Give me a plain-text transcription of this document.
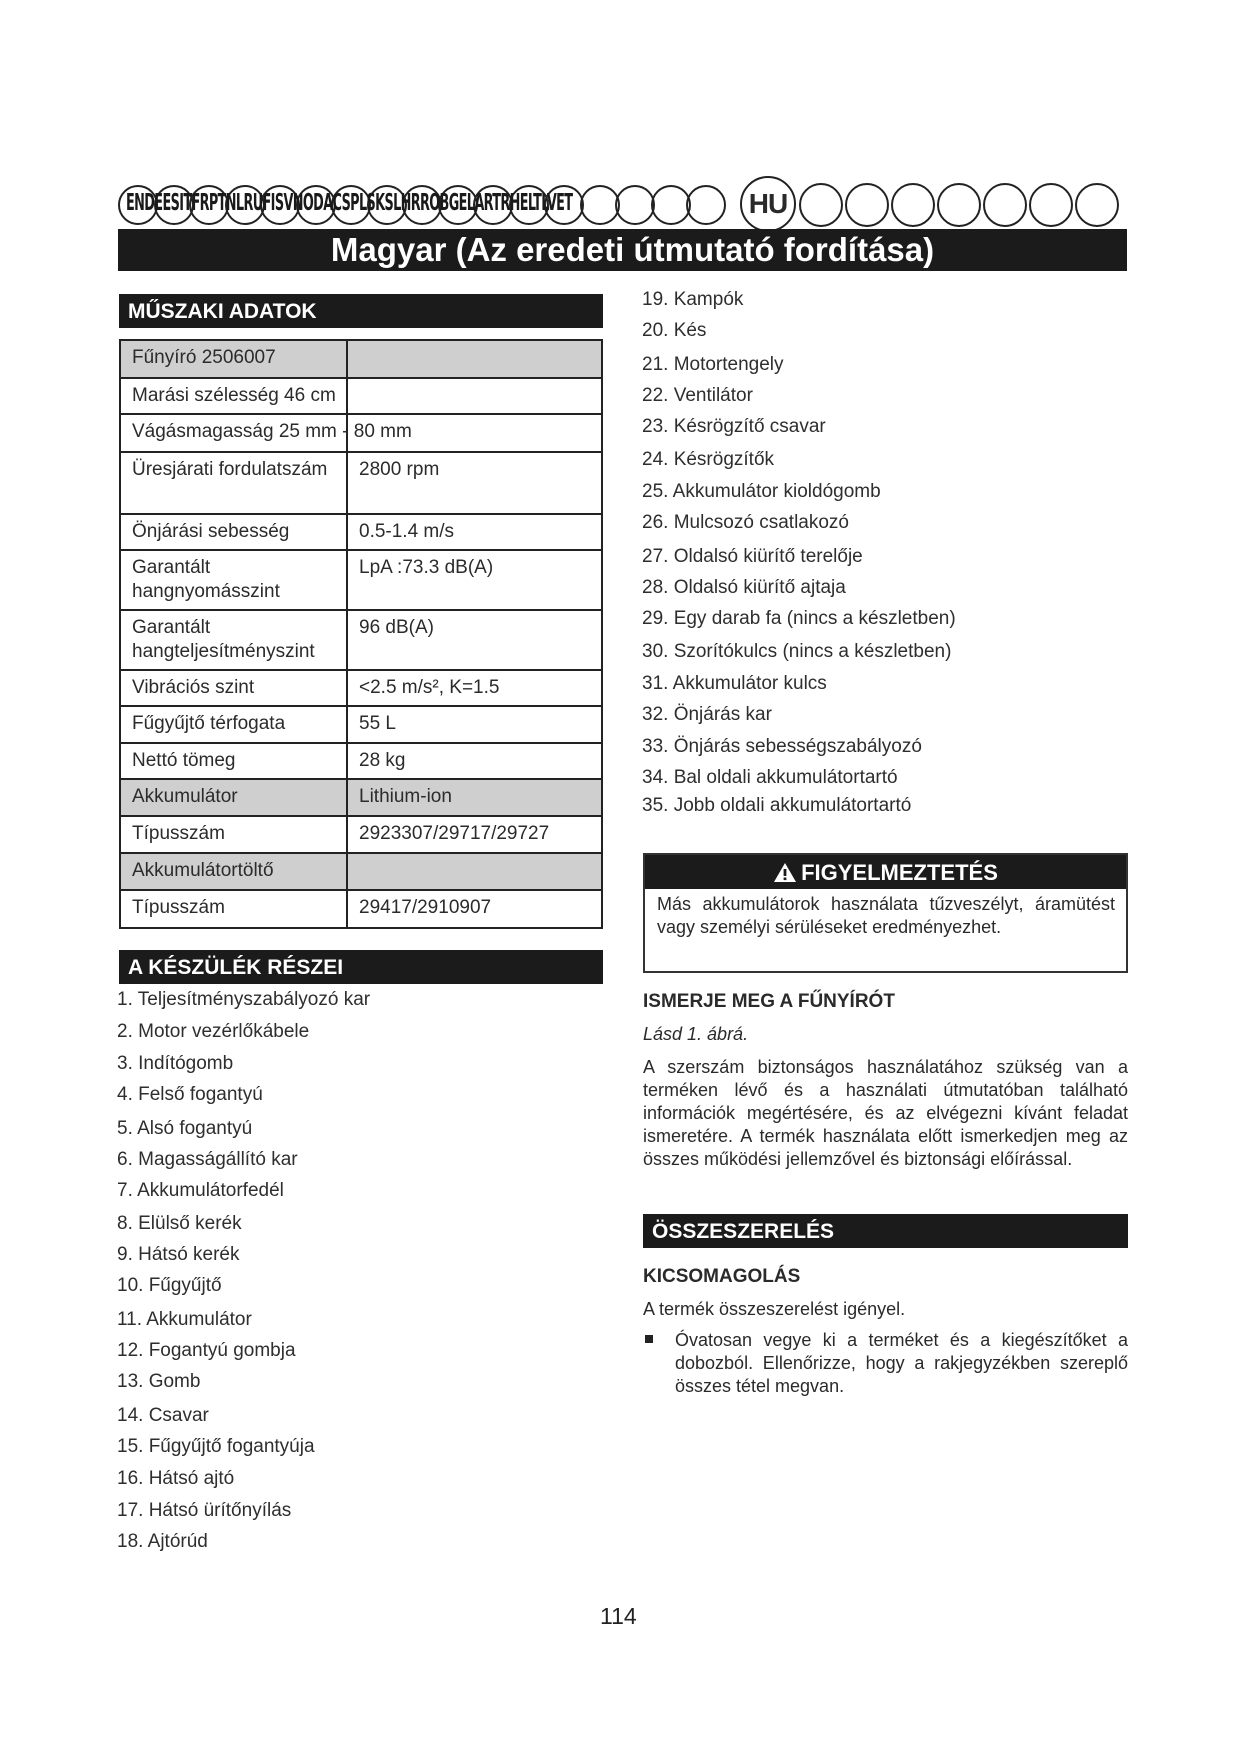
ENDEESITFRPTNLRUFISVNODACSPLSKSLHRROBGELARTRHELTLVET	HU
Magyar (Az eredeti útmutató fordítása)
MŰSZAKI ADATOK
Fűnyíró 2506007	
Marási szélesség 46 cm	
Vágásmagasság 25 mm - 80 mm	
Üresjárati fordulatszám	2800 rpm
Önjárási sebesség	0.5-1.4 m/s
Garantált hangnyomásszint	LpA :73.3 dB(A)
Garantált hangteljesítményszint	96 dB(A)
Vibrációs szint	<2.5 m/s², K=1.5
Fűgyűjtő térfogata	55 L
Nettó tömeg	28 kg
Akkumulátor	Lithium-ion
Típusszám	2923307/29717/29727
Akkumulátortöltő	
Típusszám	29417/2910907
A KÉSZÜLÉK RÉSZEI
1. Teljesítményszabályozó kar
2. Motor vezérlőkábele
3. Indítógomb
4. Felső fogantyú
5. Alsó fogantyú
6. Magasságállító kar
7. Akkumulátorfedél
8. Elülső kerék
9. Hátsó kerék
10. Fűgyűjtő
11. Akkumulátor
12. Fogantyú gombja
13. Gomb
14. Csavar
15. Fűgyűjtő fogantyúja
16. Hátsó ajtó
17. Hátsó ürítőnyílás
18. Ajtórúd
19. Kampók
20. Kés
21. Motortengely
22. Ventilátor
23. Késrögzítő csavar
24. Késrögzítők
25. Akkumulátor kioldógomb
26. Mulcsozó csatlakozó
27. Oldalsó kiürítő terelője
28. Oldalsó kiürítő ajtaja
29. Egy darab fa (nincs a készletben)
30. Szorítókulcs (nincs a készletben)
31. Akkumulátor kulcs
32. Önjárás kar
33. Önjárás sebességszabályozó
34. Bal oldali akkumulátortartó
35. Jobb oldali akkumulátortartó
FIGYELMEZTETÉS
Más akkumulátorok használata tűzveszélyt, áramütést vagy személyi sérüléseket eredményezhet.
ISMERJE MEG A FŰNYÍRÓT
Lásd 1. ábrá.
A szerszám biztonságos használatához szükség van a terméken lévő és a használati útmutatóban található információk megértésére, és az elvégezni kívánt feladat ismeretére. A termék használata előtt ismerkedjen meg az összes működési jellemzővel és biztonsági előírással.
ÖSSZESZERELÉS
KICSOMAGOLÁS
A termék összeszerelést igényel.
Óvatosan vegye ki a terméket és a kiegészítőket a dobozból. Ellenőrizze, hogy a rakjegyzékben szereplő összes tétel megvan.
114
